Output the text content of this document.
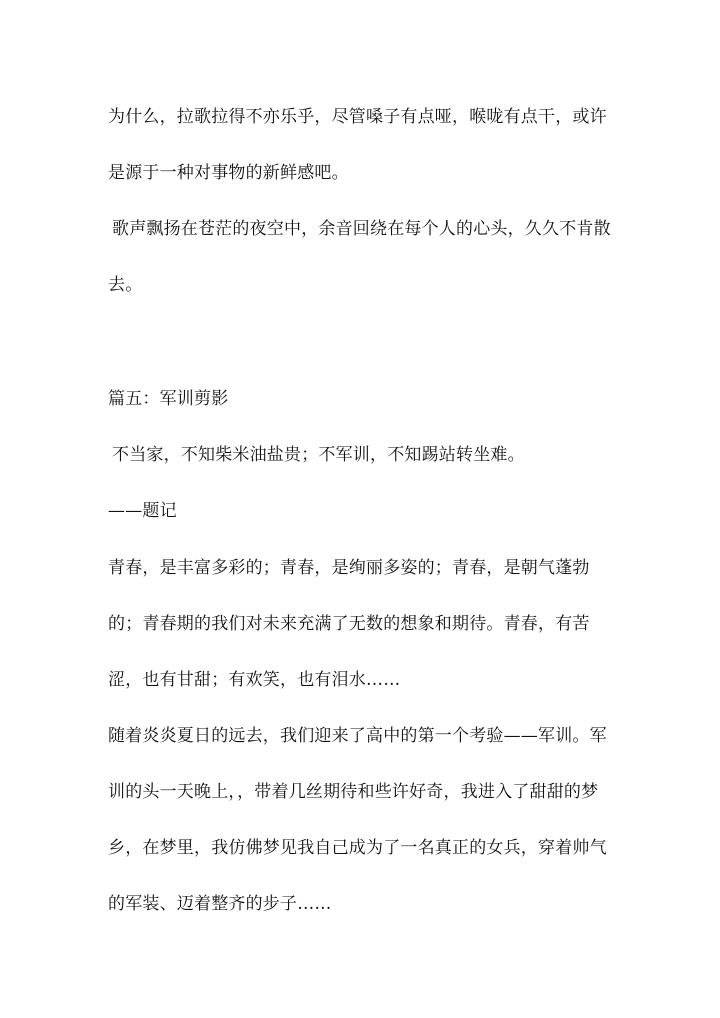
为什么，拉歌拉得不亦乐乎，尽管嗓子有点哑，喉咙有点干，或许
是源于一种对事物的新鲜感吧。
歌声飘扬在苍茫的夜空中，余音回绕在每个人的心头，久久不肯散
去。
篇五：军训剪影
不当家，不知柴米油盐贵；不军训，不知踢站转坐难。
——题记
青春，是丰富多彩的；青春，是绚丽多姿的；青春，是朝气蓬勃
的；青春期的我们对未来充满了无数的想象和期待。青春，有苦
涩，也有甘甜；有欢笑，也有泪水……
随着炎炎夏日的远去，我们迎来了高中的第一个考验——军训。军
训的头一天晚上，，带着几丝期待和些许好奇，我进入了甜甜的梦
乡，在梦里，我仿佛梦见我自己成为了一名真正的女兵，穿着帅气
的军装、迈着整齐的步子……
